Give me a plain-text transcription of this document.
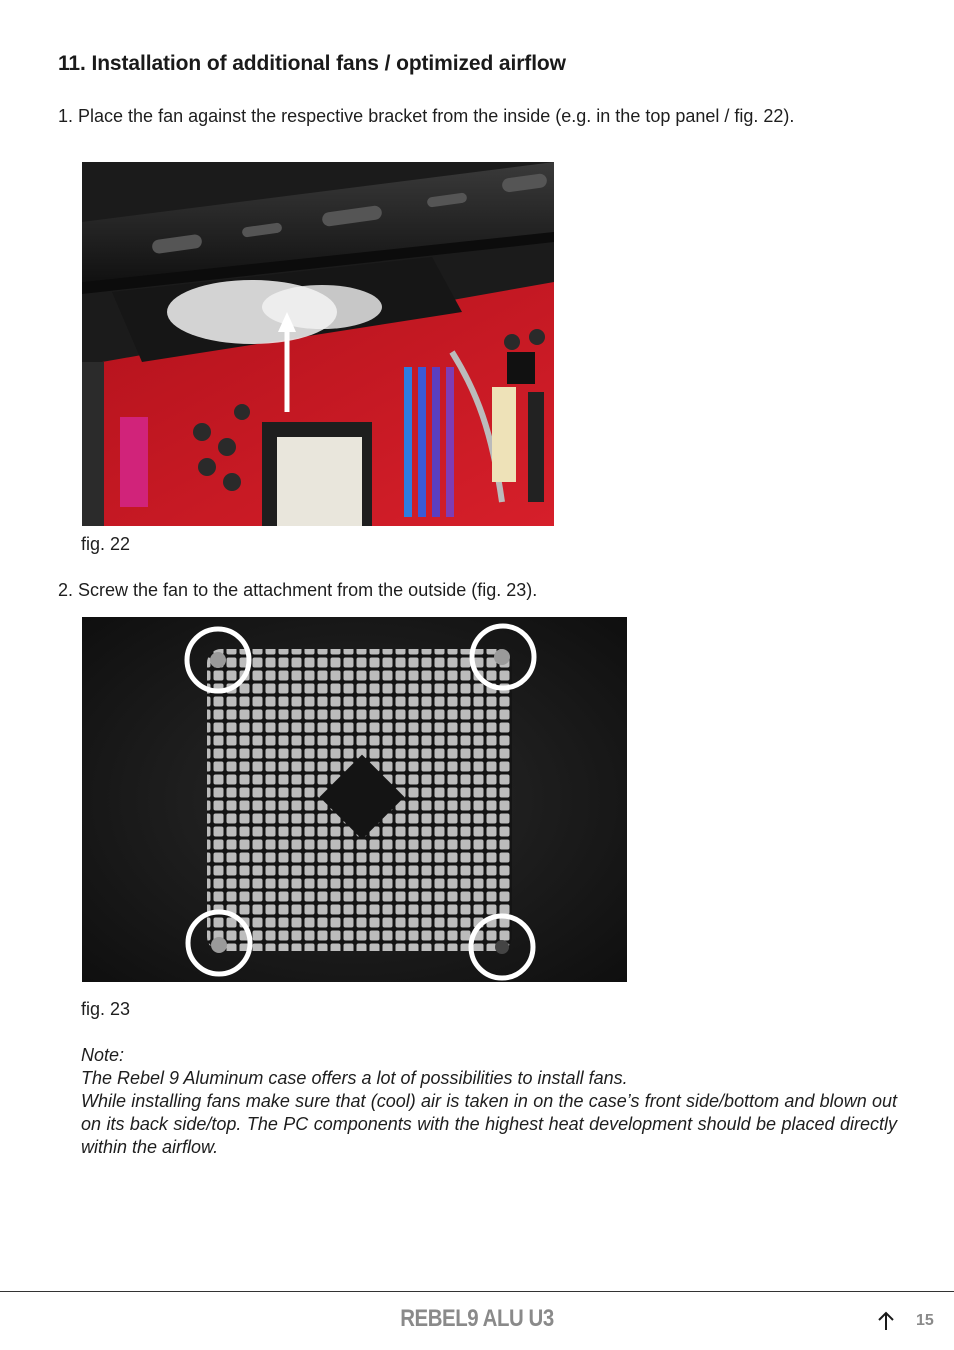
11. Installation of additional fans / optimized airflow

1. Place the fan against the respective bracket from the inside (e.g. in the top panel / fig. 22).

fig. 22

2. Screw the fan to the attachment from the outside (fig. 23).

fig. 23

Note:

The Rebel 9 Aluminum case offers a lot of possibilities to install fans.

While installing fans make sure that (cool) air is taken in on the case’s front side/bottom and blown out on its back side/top. The PC components with the highest heat development should be placed directly within the airflow.

REBEL9 ALU U3	15
